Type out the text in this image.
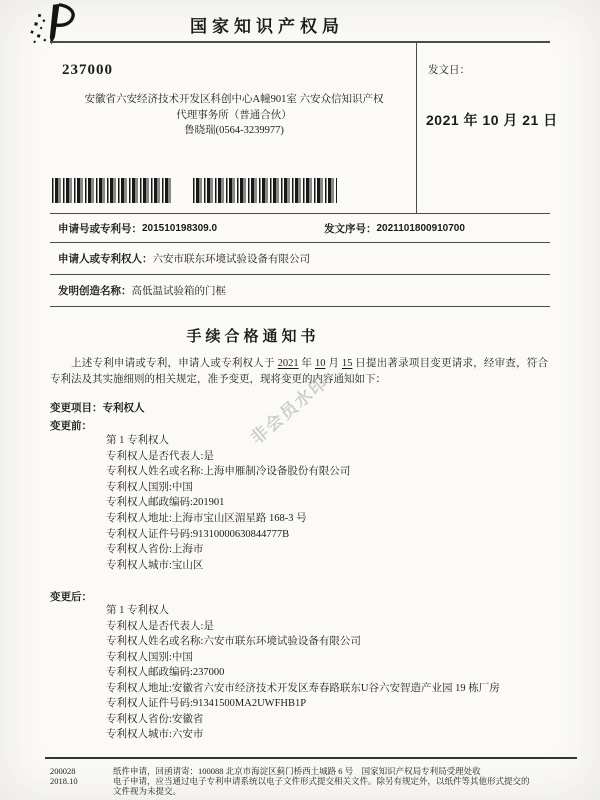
国家知识产权局
237000
安徽省六安经济技术开发区科创中心A幢901室 六安众信知识产权
代理事务所（普通合伙）
鲁晓瑞(0564-3239977)
发文日：
2021 年 10 月 21 日
申请号或专利号： 201510198309.0	发文序号： 2021101800910700
申请人或专利权人： 六安市联东环境试验设备有限公司
发明创造名称： 高低温试验箱的门框
手续合格通知书

上述专利申请或专利，申请人或专利权人于 2021 年 10 月 15 日提出著录项目变更请求，经审查，符合专利法及其实施细则的相关规定，准予变更，现将变更的内容通知如下：

变更项目：专利权人
变更前：
第 1 专利权人
专利权人是否代表人:是
专利权人姓名或名称:上海申雁制冷设备股份有限公司
专利权人国别:中国
专利权人邮政编码:201901
专利权人地址:上海市宝山区湄星路 168-3 号
专利权人证件号码:91310000630844777B
专利权人省份:上海市
专利权人城市:宝山区
变更后：
第 1 专利权人
专利权人是否代表人:是
专利权人姓名或名称:六安市联东环境试验设备有限公司
专利权人国别:中国
专利权人邮政编码:237000
专利权人地址:安徽省六安市经济技术开发区寿春路联东U谷六安智造产业园 19 栋厂房
专利权人证件号码:91341500MA2UWFHB1P
专利权人省份:安徽省
专利权人城市:六安市
非会员水印
200028
2018.10
纸件申请，回函请寄：100088 北京市海淀区蓟门桥西土城路 6 号　国家知识产权局专利局受理处收
电子申请，应当通过电子专利申请系统以电子文件形式提交相关文件。除另有规定外，以纸件等其他形式提交的
文件视为未提交。
